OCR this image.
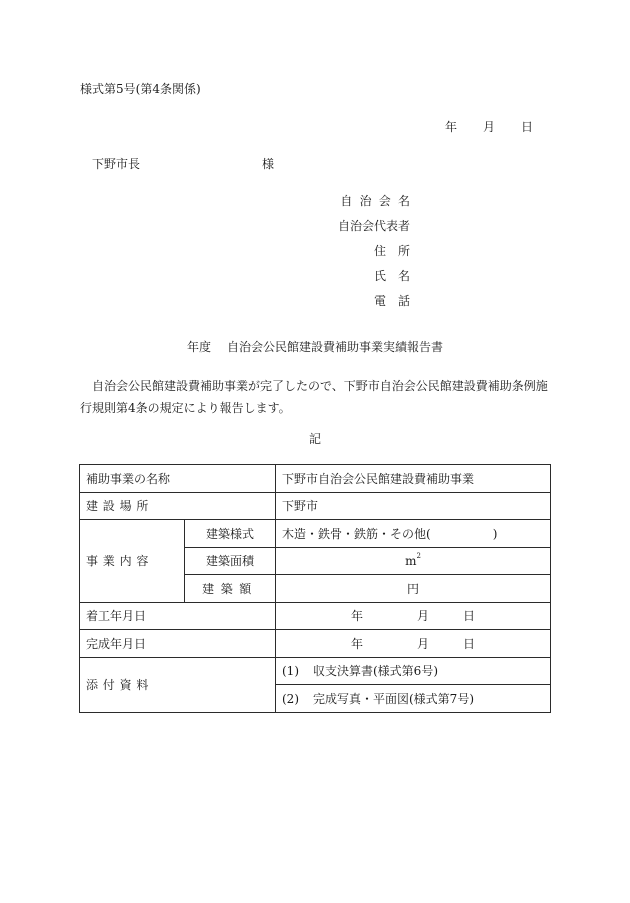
様式第5号(第4条関係)
年 月 日
下野市長	様
自治会名
自治会代表者
住所
氏名
電話
年度 自治会公民館建設費補助事業実績報告書
自治会公民館建設費補助事業が完了したので、下野市自治会公民館建設費補助条例施行規則第4条の規定により報告します。
記
補助事業の名称		下野市自治会公民館建設費補助事業
建設場所		下野市
事業内容	建築様式	木造・鉄骨・鉄筋・その他( )
	建築面積	$m^2$
	建築額	円
着工年月日		年 月 日
完成年月日		年 月 日
添付資料		(1) 収支決算書(様式第6号)
		(2) 完成写真・平面図(様式第7号)
